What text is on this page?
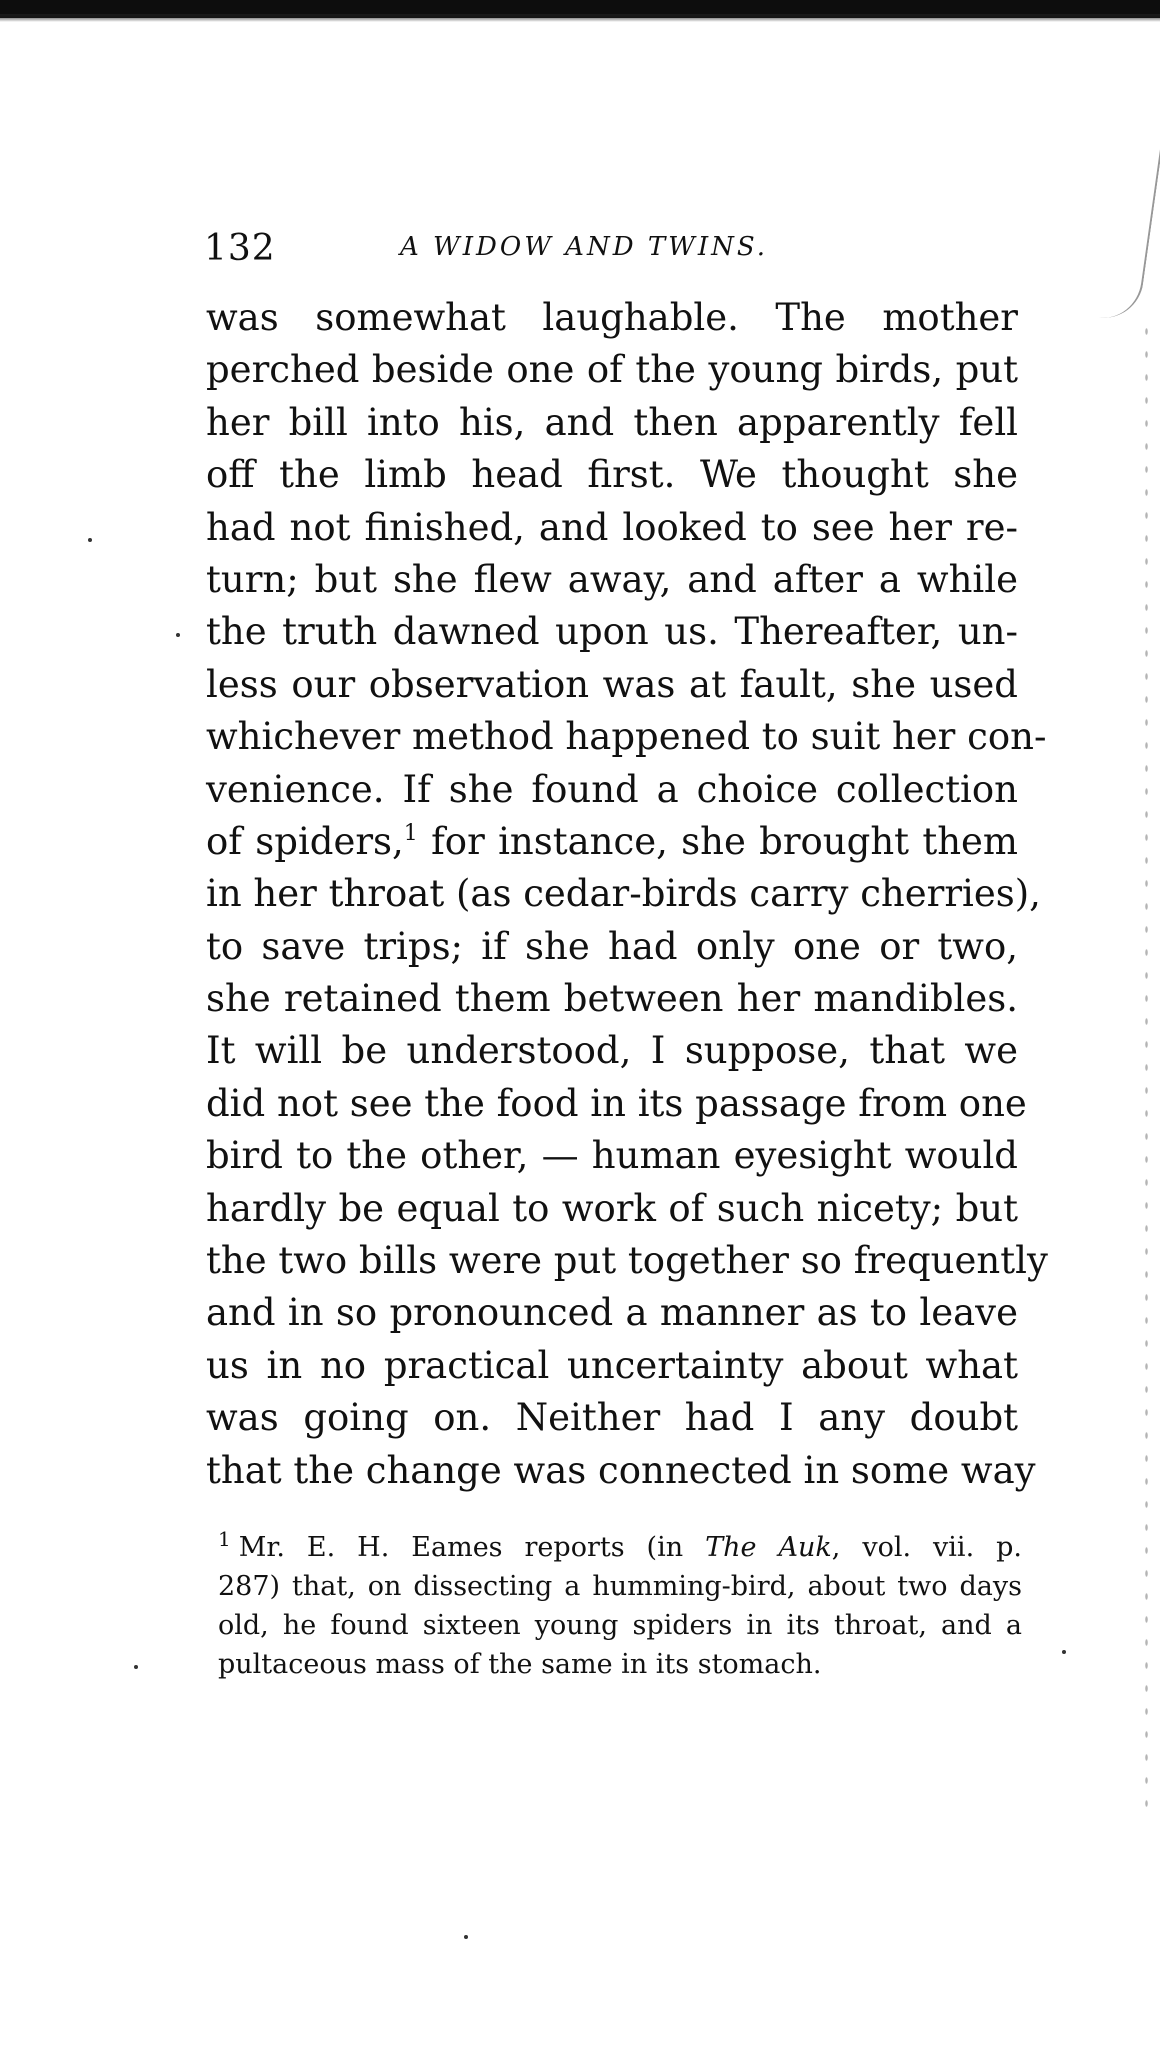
132	A WIDOW AND TWINS.
was somewhat laughable. The mother
perched beside one of the young birds, put
her bill into his, and then apparently fell
off the limb head first. We thought she
had not finished, and looked to see her re-
turn; but she flew away, and after a while
the truth dawned upon us. Thereafter, un-
less our observation was at fault, she used
whichever method happened to suit her con-
venience. If she found a choice collection
of spiders,$^1$ for instance, she brought them
in her throat (as cedar-birds carry cherries),
to save trips; if she had only one or two,
she retained them between her mandibles.
It will be understood, I suppose, that we
did not see the food in its passage from one
bird to the other, — human eyesight would
hardly be equal to work of such nicety; but
the two bills were put together so frequently
and in so pronounced a manner as to leave
us in no practical uncertainty about what
was going on. Neither had I any doubt
that the change was connected in some way
$^1$ Mr. E. H. Eames reports (in The Auk, vol. vii. p.
287) that, on dissecting a humming-bird, about two days
old, he found sixteen young spiders in its throat, and a
pultaceous mass of the same in its stomach.
